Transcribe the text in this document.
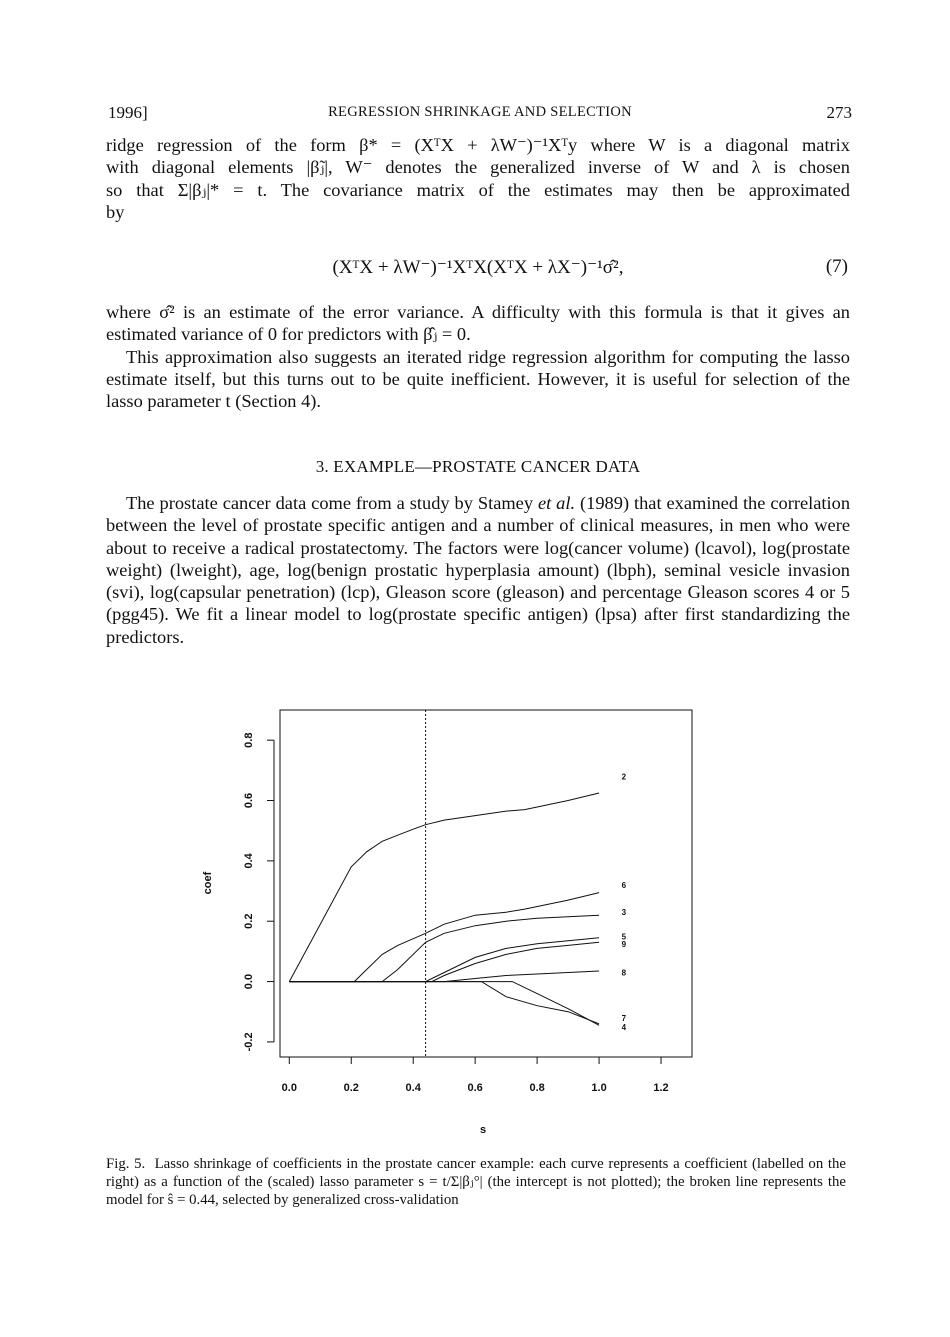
1996]	REGRESSION SHRINKAGE AND SELECTION	273

ridge regression of the form β* = (XᵀX + λW⁻)⁻¹Xᵀy where W is a diagonal matrix

with diagonal elements |β̃ⱼ|, W⁻ denotes the generalized inverse of W and λ is chosen

so that Σ|βⱼ|* = t. The covariance matrix of the estimates may then be approximated

by

(XᵀX + λW⁻)⁻¹XᵀX(XᵀX + λX⁻)⁻¹σ̂²,	(7)

where σ̂² is an estimate of the error variance. A difficulty with this formula is that it gives an estimated variance of 0 for predictors with β̂ⱼ = 0.

This approximation also suggests an iterated ridge regression algorithm for computing the lasso estimate itself, but this turns out to be quite inefficient. However, it is useful for selection of the lasso parameter t (Section 4).

3. EXAMPLE—PROSTATE CANCER DATA

The prostate cancer data come from a study by Stamey et al. (1989) that examined the correlation between the level of prostate specific antigen and a number of clinical measures, in men who were about to receive a radical prostatectomy. The factors were log(cancer volume) (lcavol), log(prostate weight) (lweight), age, log(benign prostatic hyperplasia amount) (lbph), seminal vesicle invasion (svi), log(capsular penetration) (lcp), Gleason score (gleason) and percentage Gleason scores 4 or 5 (pgg45). We fit a linear model to log(prostate specific antigen) (lpsa) after first standardizing the predictors.

0.0	0.2	0.4	0.6	0.8	1.0	1.2
-0.2
0.0
0.2
0.4
0.6
0.8
2
6
3
5
9
8
7
4
s
coef

Fig. 5. Lasso shrinkage of coefficients in the prostate cancer example: each curve represents a coefficient (labelled on the right) as a function of the (scaled) lasso parameter s = t/Σ|βⱼ°| (the intercept is not plotted); the broken line represents the model for ŝ = 0.44, selected by generalized cross-validation
